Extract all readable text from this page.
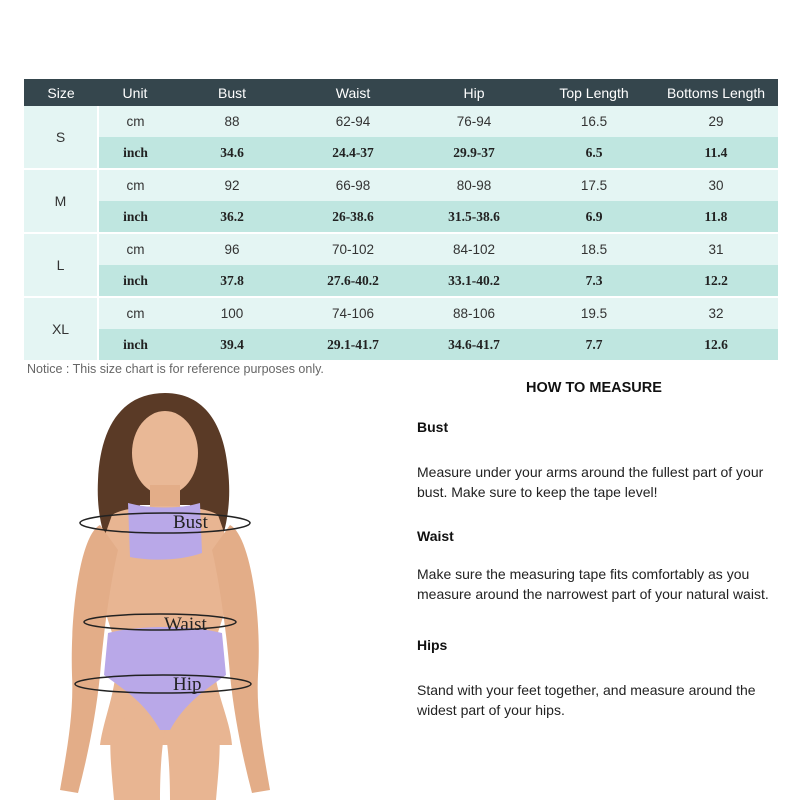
Size	Unit	Bust	Waist	Hip	Top Length	Bottoms Length
S	cm	88	62-94	76-94	16.5	29
	inch	34.6	24.4-37	29.9-37	6.5	11.4
M	cm	92	66-98	80-98	17.5	30
	inch	36.2	26-38.6	31.5-38.6	6.9	11.8
L	cm	96	70-102	84-102	18.5	31
	inch	37.8	27.6-40.2	33.1-40.2	7.3	12.2
XL	cm	100	74-106	88-106	19.5	32
	inch	39.4	29.1-41.7	34.6-41.7	7.7	12.6
Notice : This size chart is for reference purposes only.
Bust
Waist
Hip
HOW TO MEASURE
Bust
Measure under your arms around the fullest part of your bust. Make sure to keep the tape level!
Waist
Make sure the measuring tape fits comfortably as you measure around the narrowest part of your natural waist.
Hips
Stand with your feet together, and measure around the widest part of your hips.
